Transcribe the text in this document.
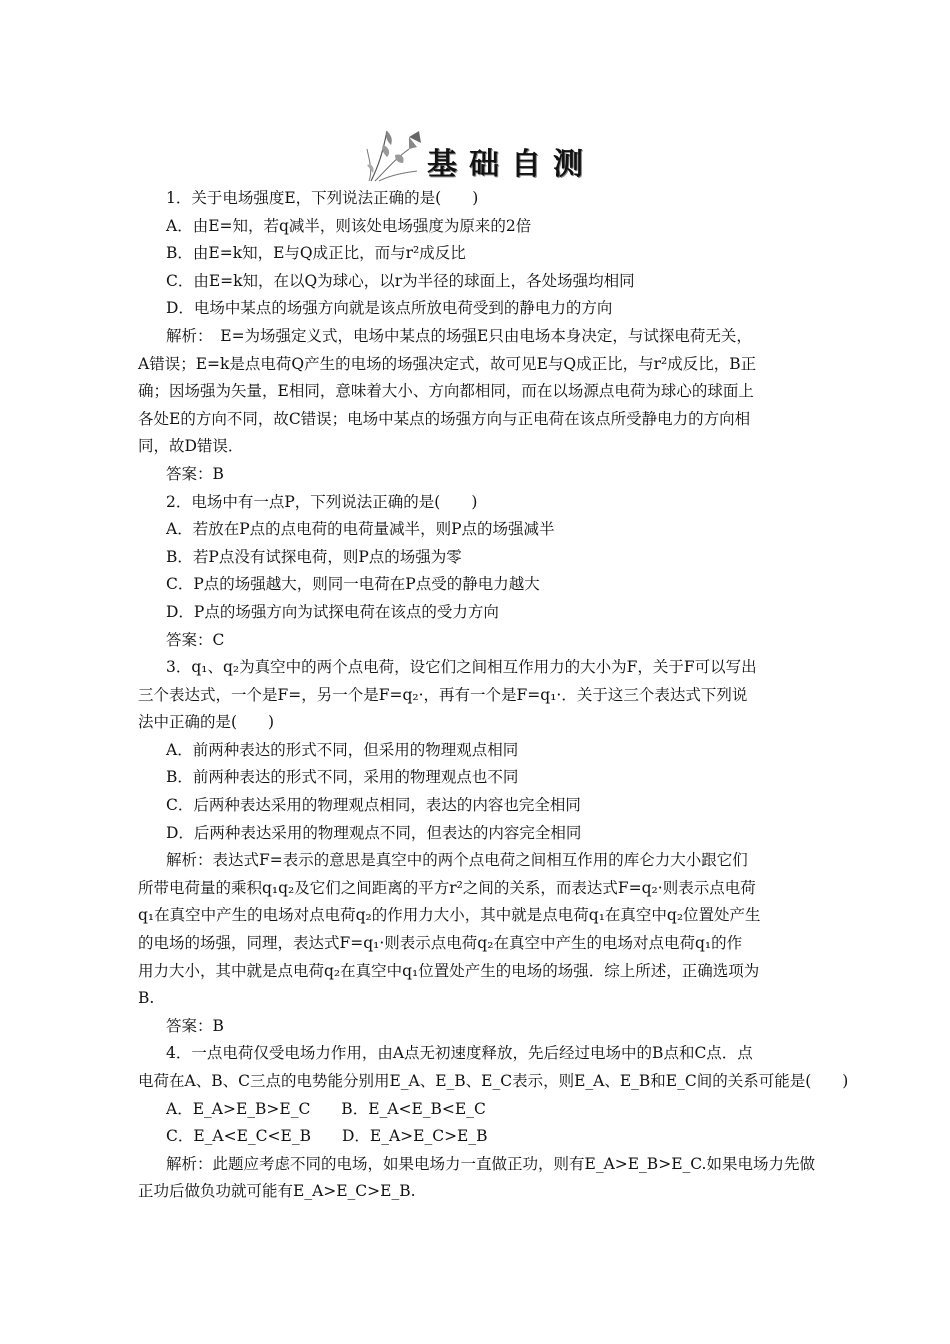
基础自测
1．关于电场强度E，下列说法正确的是(　　)
A．由E=知，若q减半，则该处电场强度为原来的2倍
B．由E=k知，E与Q成正比，而与r²成反比
C．由E=k知，在以Q为球心，以r为半径的球面上，各处场强均相同
D．电场中某点的场强方向就是该点所放电荷受到的静电力的方向
解析：　E=为场强定义式，电场中某点的场强E只由电场本身决定，与试探电荷无关，
A错误；E=k是点电荷Q产生的电场的场强决定式，故可见E与Q成正比，与r²成反比，B正
确；因场强为矢量，E相同，意味着大小、方向都相同，而在以场源点电荷为球心的球面上
各处E的方向不同，故C错误；电场中某点的场强方向与正电荷在该点所受静电力的方向相
同，故D错误．
答案：B
2．电场中有一点P，下列说法正确的是(　　)
A．若放在P点的点电荷的电荷量减半，则P点的场强减半
B．若P点没有试探电荷，则P点的场强为零
C．P点的场强越大，则同一电荷在P点受的静电力越大
D．P点的场强方向为试探电荷在该点的受力方向
答案：C
3．q₁、q₂为真空中的两个点电荷，设它们之间相互作用力的大小为F，关于F可以写出
三个表达式，一个是F=，另一个是F=q₂·，再有一个是F=q₁·．关于这三个表达式下列说
法中正确的是(　　)
A．前两种表达的形式不同，但采用的物理观点相同
B．前两种表达的形式不同，采用的物理观点也不同
C．后两种表达采用的物理观点相同，表达的内容也完全相同
D．后两种表达采用的物理观点不同，但表达的内容完全相同
解析：表达式F=表示的意思是真空中的两个点电荷之间相互作用的库仑力大小跟它们
所带电荷量的乘积q₁q₂及它们之间距离的平方r²之间的关系，而表达式F=q₂·则表示点电荷
q₁在真空中产生的电场对点电荷q₂的作用力大小，其中就是点电荷q₁在真空中q₂位置处产生
的电场的场强，同理，表达式F=q₁·则表示点电荷q₂在真空中产生的电场对点电荷q₁的作
用力大小，其中就是点电荷q₂在真空中q₁位置处产生的电场的场强．综上所述，正确选项为
B.
答案：B
4．一点电荷仅受电场力作用，由A点无初速度释放，先后经过电场中的B点和C点．点
电荷在A、B、C三点的电势能分别用E_A、E_B、E_C表示，则E_A、E_B和E_C间的关系可能是(　　)
A．E_A>E_B>E_C　　B．E_A<E_B<E_C
C．E_A<E_C<E_B　　D．E_A>E_C>E_B
解析：此题应考虑不同的电场，如果电场力一直做正功，则有E_A>E_B>E_C.如果电场力先做
正功后做负功就可能有E_A>E_C>E_B.
